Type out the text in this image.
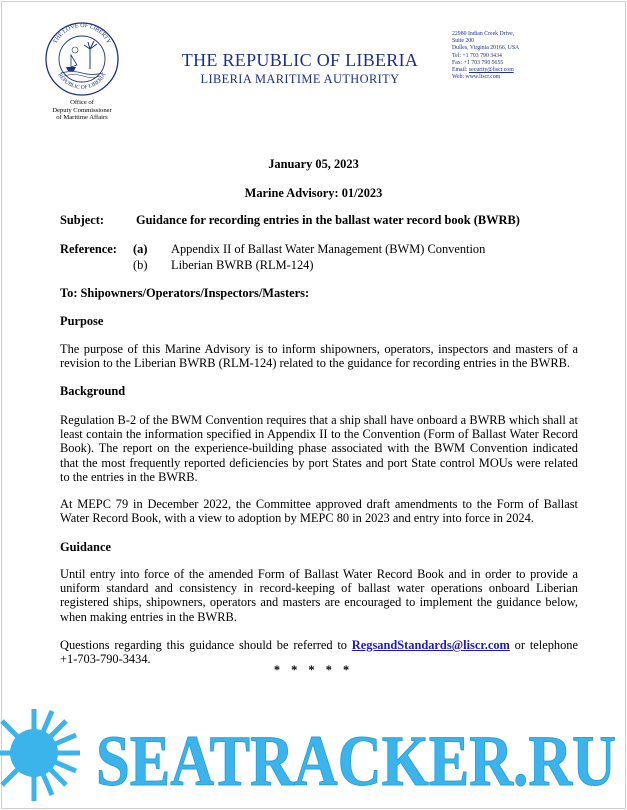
THE LOVE OF LIBERTY
REPUBLIC OF LIBERIA
Office of
Deputy Commissioner
of Maritime Affairs
THE REPUBLIC OF LIBERIA
LIBERIA MARITIME AUTHORITY
22980 Indian Creek Drive,
Suite 200
Dulles, Virginia 20166, USA
Tel: +1 703 790 3434
Fax: +1 703 790 5655
Email: security@liscr.com
Web: www.liscr.com
January 05, 2023
Marine Advisory: 01/2023
Subject:	Guidance for recording entries in the ballast water record book (BWRB)
Reference: (a) Appendix II of Ballast Water Management (BWM) Convention
(b) Liberian BWRB (RLM-124)
To: Shipowners/Operators/Inspectors/Masters:
Purpose
The purpose of this Marine Advisory is to inform shipowners, operators, inspectors and masters of a revision to the Liberian BWRB (RLM-124) related to the guidance for recording entries in the BWRB.
Background
Regulation B-2 of the BWM Convention requires that a ship shall have onboard a BWRB which shall at least contain the information specified in Appendix II to the Convention (Form of Ballast Water Record Book). The report on the experience-building phase associated with the BWM Convention indicated that the most frequently reported deficiencies by port States and port State control MOUs were related to the entries in the BWRB.
At MEPC 79 in December 2022, the Committee approved draft amendments to the Form of Ballast Water Record Book, with a view to adoption by MEPC 80 in 2023 and entry into force in 2024.
Guidance
Until entry into force of the amended Form of Ballast Water Record Book and in order to provide a uniform standard and consistency in record-keeping of ballast water operations onboard Liberian registered ships, shipowners, operators and masters are encouraged to implement the guidance below, when making entries in the BWRB.
Questions regarding this guidance should be referred to RegsandStandards@liscr.com or telephone +1-703-790-3434.
* * * * *
SEATRACKER.RU
